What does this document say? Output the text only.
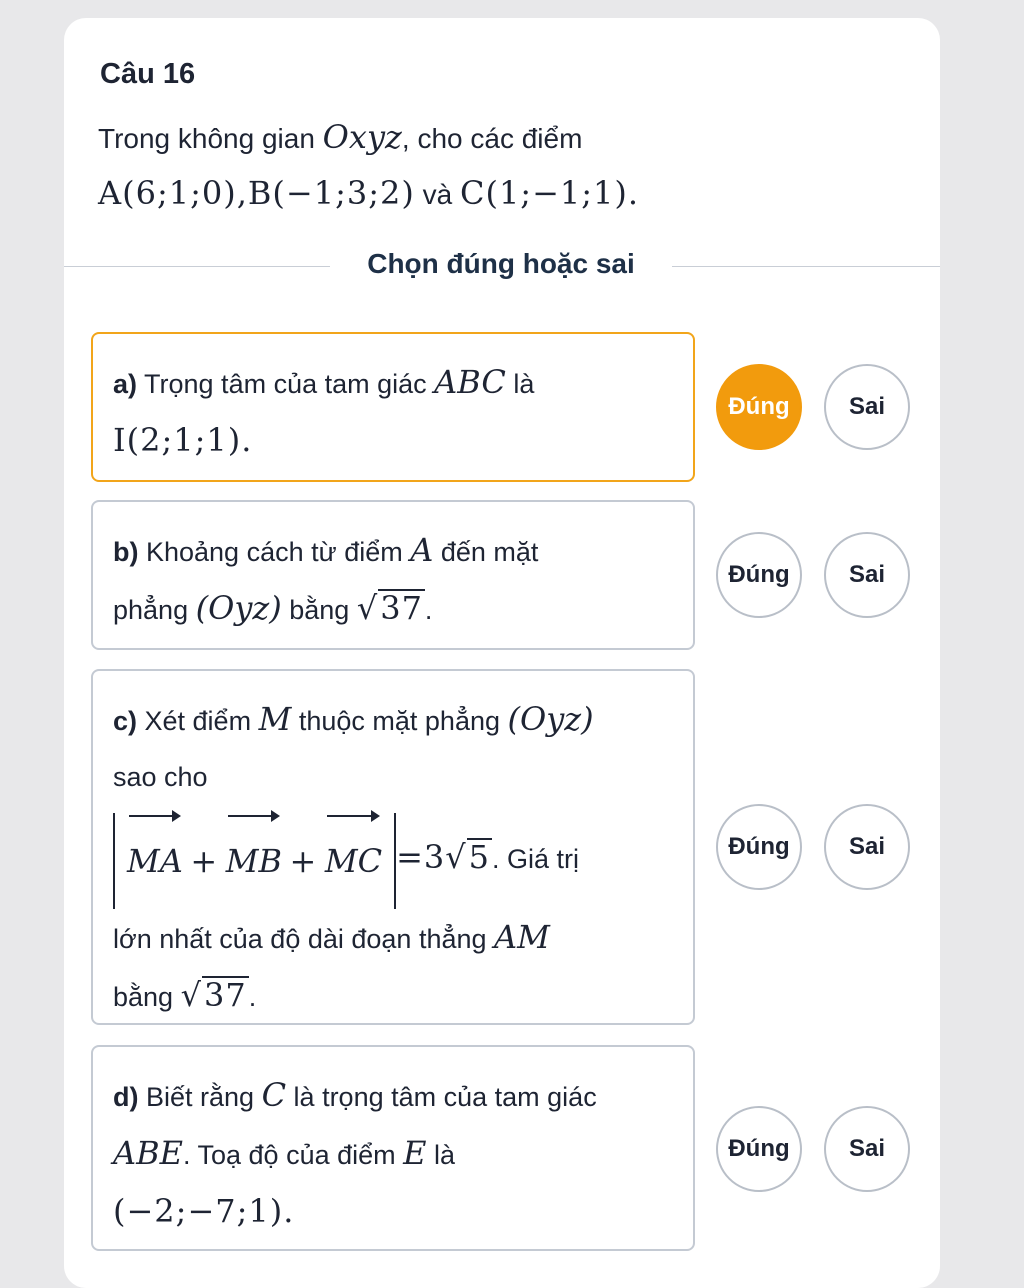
Câu 16
Trong không gian Oxyz, cho các điểm
A(6;1;0),B(−1;3;2) và C(1;−1;1).
Chọn đúng hoặc sai
a) Trọng tâm của tam giác ABC là
I(2;1;1).
Đúng	Sai
b) Khoảng cách từ điểm A đến mặt
phẳng (Oyz) bằng √37.
Đúng	Sai
c) Xét điểm M thuộc mặt phẳng (Oyz)
sao cho
MA + MB + MC =3√5. Giá trị
lớn nhất của độ dài đoạn thẳng AM
bằng √37.
Đúng	Sai
d) Biết rằng C là trọng tâm của tam giác
ABE. Toạ độ của điểm E là
(−2;−7;1).
Đúng	Sai
